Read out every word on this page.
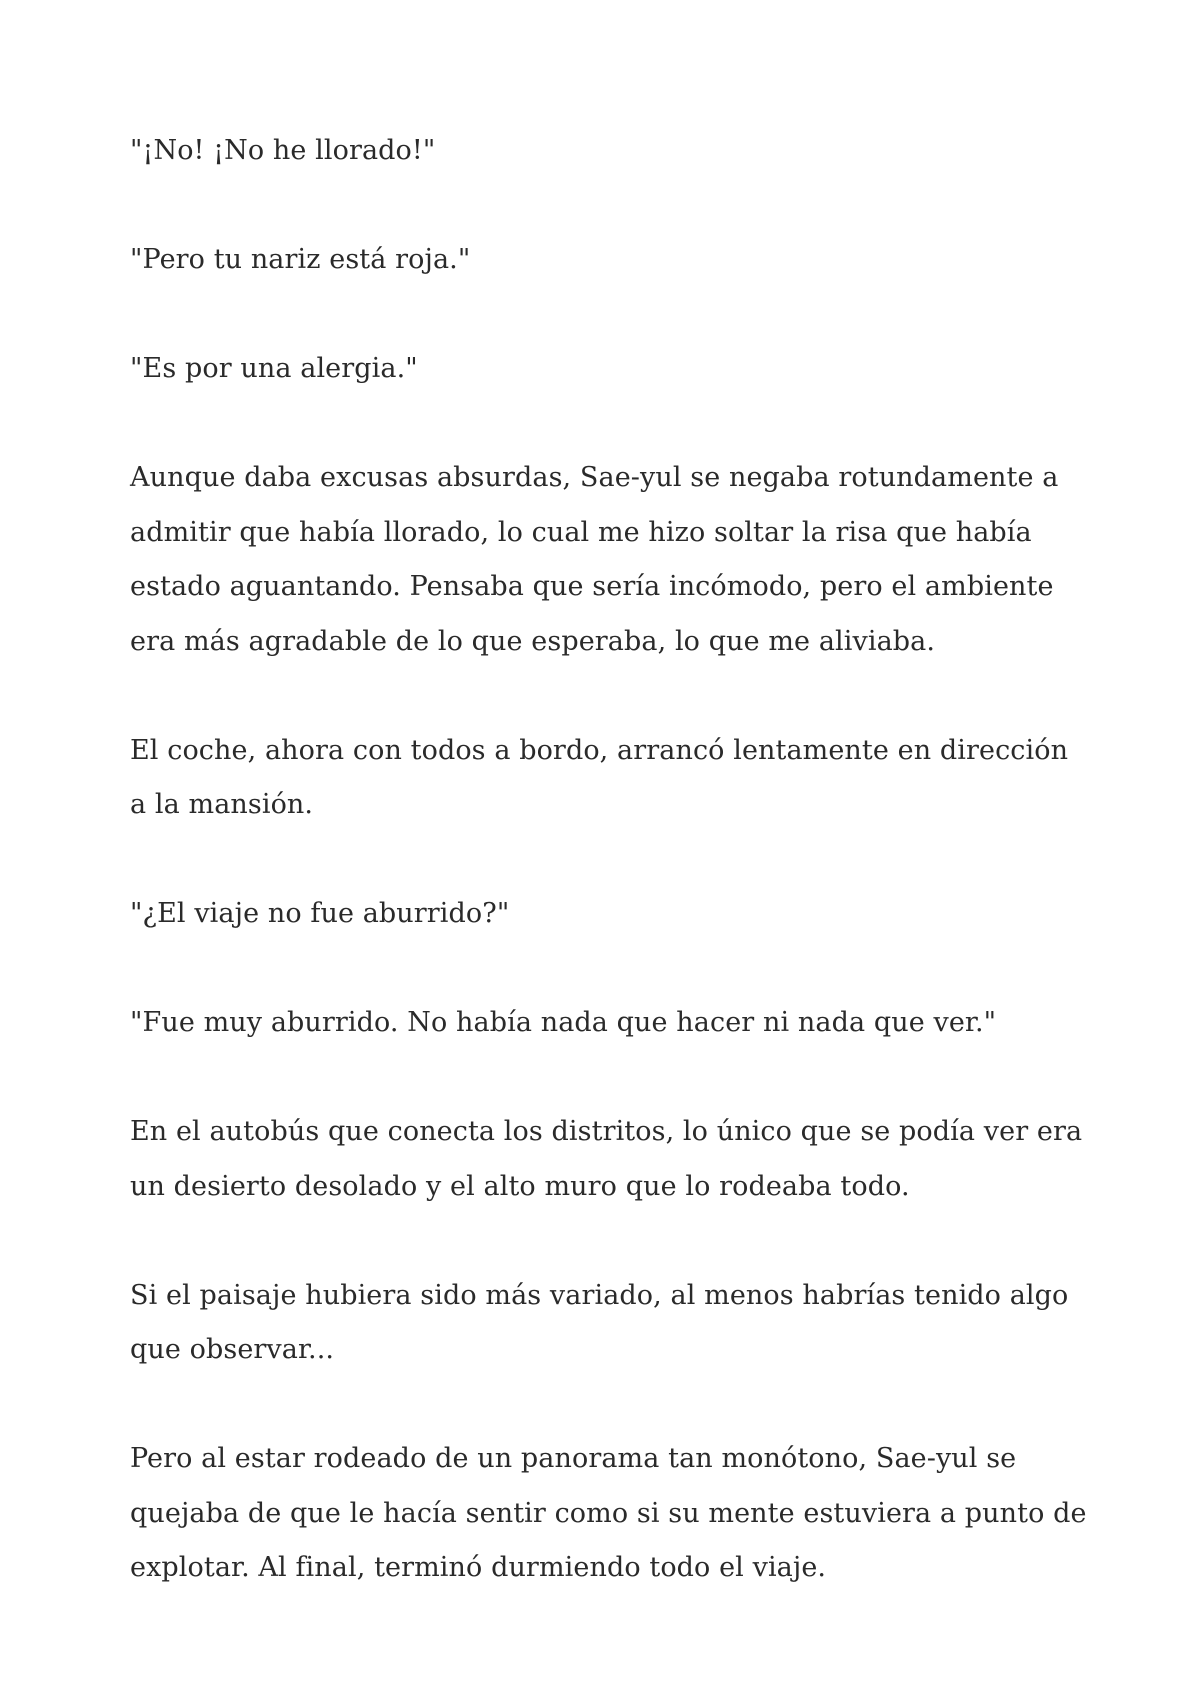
"¡No! ¡No he llorado!"

"Pero tu nariz está roja."

"Es por una alergia."

Aunque daba excusas absurdas, Sae-yul se negaba rotundamente a admitir que había llorado, lo cual me hizo soltar la risa que había estado aguantando. Pensaba que sería incómodo, pero el ambiente era más agradable de lo que esperaba, lo que me aliviaba.

El coche, ahora con todos a bordo, arrancó lentamente en dirección a la mansión.

"¿El viaje no fue aburrido?"

"Fue muy aburrido. No había nada que hacer ni nada que ver."

En el autobús que conecta los distritos, lo único que se podía ver era un desierto desolado y el alto muro que lo rodeaba todo.

Si el paisaje hubiera sido más variado, al menos habrías tenido algo que observar...

Pero al estar rodeado de un panorama tan monótono, Sae-yul se quejaba de que le hacía sentir como si su mente estuviera a punto de explotar. Al final, terminó durmiendo todo el viaje.
